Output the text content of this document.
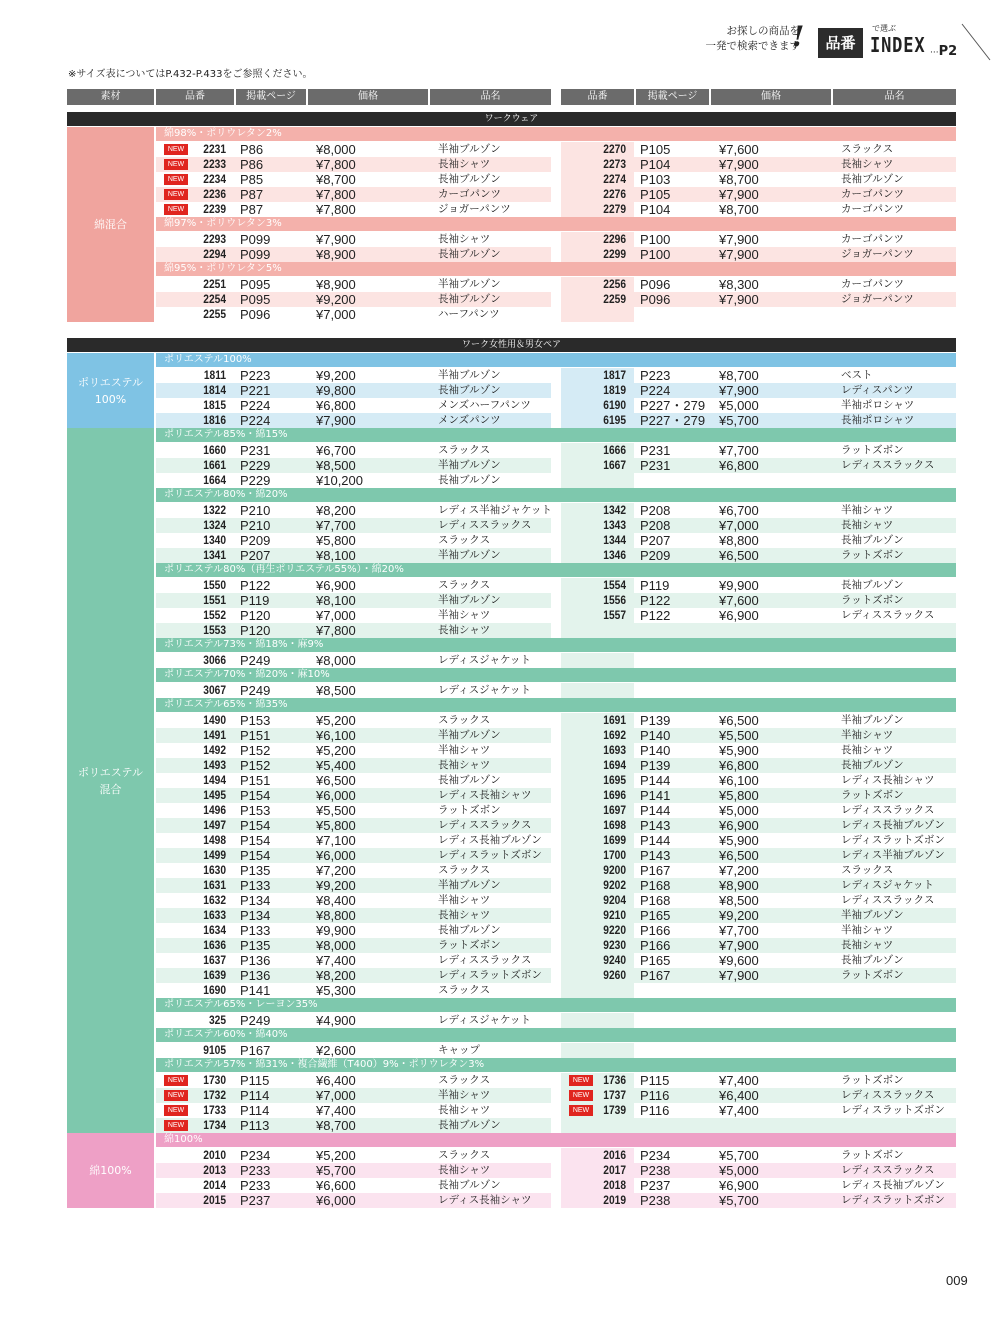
お探しの商品を
一発で検索できます
!	品番
で選ぶ
INDEX ···P2
※サイズ表についてはP.432-P.433をご参照ください。
素材	品番	掲載ページ	価格	品名	品番	掲載ページ	価格	品名
ワークウェア
綿98%・ポリウレタン2%
NEW	2231 P86	¥8,000	半袖ブルゾン	2270 P105	¥7,600	スラックス
NEW	2233 P86	¥7,800	長袖シャツ	2273 P104	¥7,900	長袖シャツ
NEW	2234 P85	¥8,700	長袖ブルゾン	2274 P103	¥8,700	長袖ブルゾン
NEW	2236 P87	¥7,800	カーゴパンツ	2276 P105	¥7,900	カーゴパンツ
NEW	2239 P87	¥7,800	ジョガーパンツ	2279 P104	¥8,700	カーゴパンツ
綿97%・ポリウレタン3%
2293 P099	¥7,900	長袖シャツ	2296 P100	¥7,900	カーゴパンツ
2294 P099	¥8,900	長袖ブルゾン	2299 P100	¥7,900	ジョガーパンツ
綿95%・ポリウレタン5%
2251 P095	¥8,900	半袖ブルゾン	2256 P096	¥8,300	カーゴパンツ
2254 P095	¥9,200	長袖ブルゾン	2259 P096	¥7,900	ジョガーパンツ
2255 P096	¥7,000	ハーフパンツ
綿混合
ワーク女性用＆男女ペア
ポリエステル100%
1811 P223	¥9,200	半袖ブルゾン	1817 P223	¥8,700	ベスト
1814 P221	¥9,800	長袖ブルゾン	1819 P224	¥7,900	レディスパンツ
1815 P224	¥6,800	メンズハーフパンツ	6190 P227・279 ¥5,000	半袖ポロシャツ
1816 P224	¥7,900	メンズパンツ	6195 P227・279 ¥5,700	長袖ポロシャツ
ポリエステル
100%
ポリエステル85%・綿15%
1660 P231	¥6,700	スラックス	1666 P231	¥7,700	ラットズボン
1661 P229	¥8,500	半袖ブルゾン	1667 P231	¥6,800	レディススラックス
1664 P229	¥10,200	長袖ブルゾン
ポリエステル80%・綿20%
1322 P210	¥8,200	レディス半袖ジャケット	1342 P208	¥6,700	半袖シャツ
1324 P210	¥7,700	レディススラックス	1343 P208	¥7,000	長袖シャツ
1340 P209	¥5,800	スラックス	1344 P207	¥8,800	長袖ブルゾン
1341 P207	¥8,100	半袖ブルゾン	1346 P209	¥6,500	ラットズボン
ポリエステル80%（再生ポリエステル55%）・綿20%
1550 P122	¥6,900	スラックス	1554 P119	¥9,900	長袖ブルゾン
1551 P119	¥8,100	半袖ブルゾン	1556 P122	¥7,600	ラットズボン
1552 P120	¥7,000	半袖シャツ	1557 P122	¥6,900	レディススラックス
1553 P120	¥7,800	長袖シャツ
ポリエステル73%・綿18%・麻9%
3066 P249	¥8,000	レディスジャケット
ポリエステル70%・綿20%・麻10%
3067 P249	¥8,500	レディスジャケット
ポリエステル65%・綿35%
1490 P153	¥5,200	スラックス	1691 P139	¥6,500	半袖ブルゾン
1491 P151	¥6,100	半袖ブルゾン	1692 P140	¥5,500	半袖シャツ
1492 P152	¥5,200	半袖シャツ	1693 P140	¥5,900	長袖シャツ
1493 P152	¥5,400	長袖シャツ	1694 P139	¥6,800	長袖ブルゾン
1494 P151	¥6,500	長袖ブルゾン	1695 P144	¥6,100	レディス長袖シャツ
1495 P154	¥6,000	レディス長袖シャツ	1696 P141	¥5,800	ラットズボン
1496 P153	¥5,500	ラットズボン	1697 P144	¥5,000	レディススラックス
1497 P154	¥5,800	レディススラックス	1698 P143	¥6,900	レディス長袖ブルゾン
1498 P154	¥7,100	レディス長袖ブルゾン	1699 P144	¥5,900	レディスラットズボン
1499 P154	¥6,000	レディスラットズボン	1700 P143	¥6,500	レディス半袖ブルゾン
1630 P135	¥7,200	スラックス	9200 P167	¥7,200	スラックス
1631 P133	¥9,200	半袖ブルゾン	9202 P168	¥8,900	レディスジャケット
1632 P134	¥8,400	半袖シャツ	9204 P168	¥8,500	レディススラックス
1633 P134	¥8,800	長袖シャツ	9210 P165	¥9,200	半袖ブルゾン
1634 P133	¥9,900	長袖ブルゾン	9220 P166	¥7,700	半袖シャツ
1636 P135	¥8,000	ラットズボン	9230 P166	¥7,900	長袖シャツ
1637 P136	¥7,400	レディススラックス	9240 P165	¥9,600	長袖ブルゾン
1639 P136	¥8,200	レディスラットズボン	9260 P167	¥7,900	ラットズボン
1690 P141	¥5,300	スラックス
ポリエステル65%・レーヨン35%
325 P249	¥4,900	レディスジャケット
ポリエステル60%・綿40%
9105 P167	¥2,600	キャップ
ポリエステル57%・綿31%・複合繊維（T400）9%・ポリウレタン3%
NEW	1730 P115	¥6,400	スラックス	NEW	1736 P115	¥7,400	ラットズボン
NEW	1732 P114	¥7,000	半袖シャツ	NEW	1737 P116	¥6,400	レディススラックス
NEW	1733 P114	¥7,400	長袖シャツ	NEW	1739 P116	¥7,400	レディスラットズボン
NEW	1734 P113	¥8,700	長袖ブルゾン
ポリエステル
混合
綿100%
2010 P234	¥5,200	スラックス	2016 P234	¥5,700	ラットズボン
2013 P233	¥5,700	長袖シャツ	2017 P238	¥5,000	レディススラックス
2014 P233	¥6,600	長袖ブルゾン	2018 P237	¥6,900	レディス長袖ブルゾン
2015 P237	¥6,000	レディス長袖シャツ	2019 P238	¥5,700	レディスラットズボン
綿100%
009
